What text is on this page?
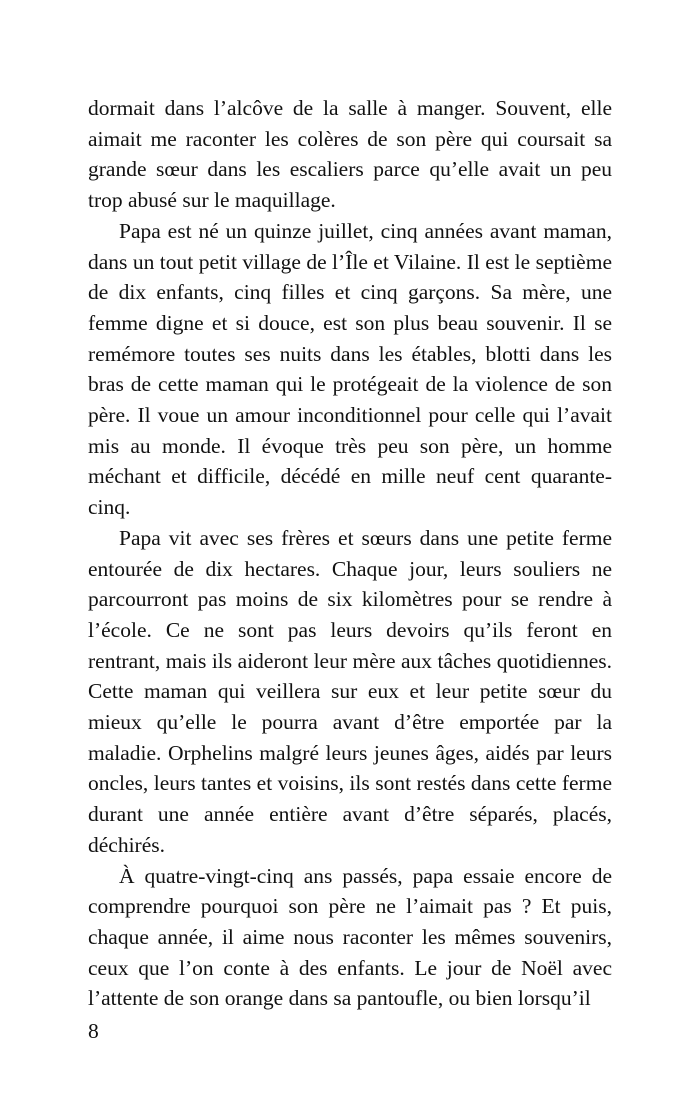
dormait dans l’alcôve de la salle à manger. Souvent, elle aimait me raconter les colères de son père qui coursait sa grande sœur dans les escaliers parce qu’elle avait un peu trop abusé sur le maquillage.

Papa est né un quinze juillet, cinq années avant maman, dans un tout petit village de l’Île et Vilaine. Il est le septième de dix enfants, cinq filles et cinq garçons. Sa mère, une femme digne et si douce, est son plus beau souvenir. Il se remémore toutes ses nuits dans les étables, blotti dans les bras de cette maman qui le protégeait de la violence de son père. Il voue un amour inconditionnel pour celle qui l’avait mis au monde. Il évoque très peu son père, un homme méchant et difficile, décédé en mille neuf cent quarante-cinq.

Papa vit avec ses frères et sœurs dans une petite ferme entourée de dix hectares. Chaque jour, leurs souliers ne parcourront pas moins de six kilomètres pour se rendre à l’école. Ce ne sont pas leurs devoirs qu’ils feront en rentrant, mais ils aideront leur mère aux tâches quotidiennes. Cette maman qui veillera sur eux et leur petite sœur du mieux qu’elle le pourra avant d’être emportée par la maladie. Orphelins malgré leurs jeunes âges, aidés par leurs oncles, leurs tantes et voisins, ils sont restés dans cette ferme durant une année entière avant d’être séparés, placés, déchirés.

À quatre-vingt-cinq ans passés, papa essaie encore de comprendre pourquoi son père ne l’aimait pas ? Et puis, chaque année, il aime nous raconter les mêmes souvenirs, ceux que l’on conte à des enfants. Le jour de Noël avec l’attente de son orange dans sa pantoufle, ou bien lorsqu’il

8
